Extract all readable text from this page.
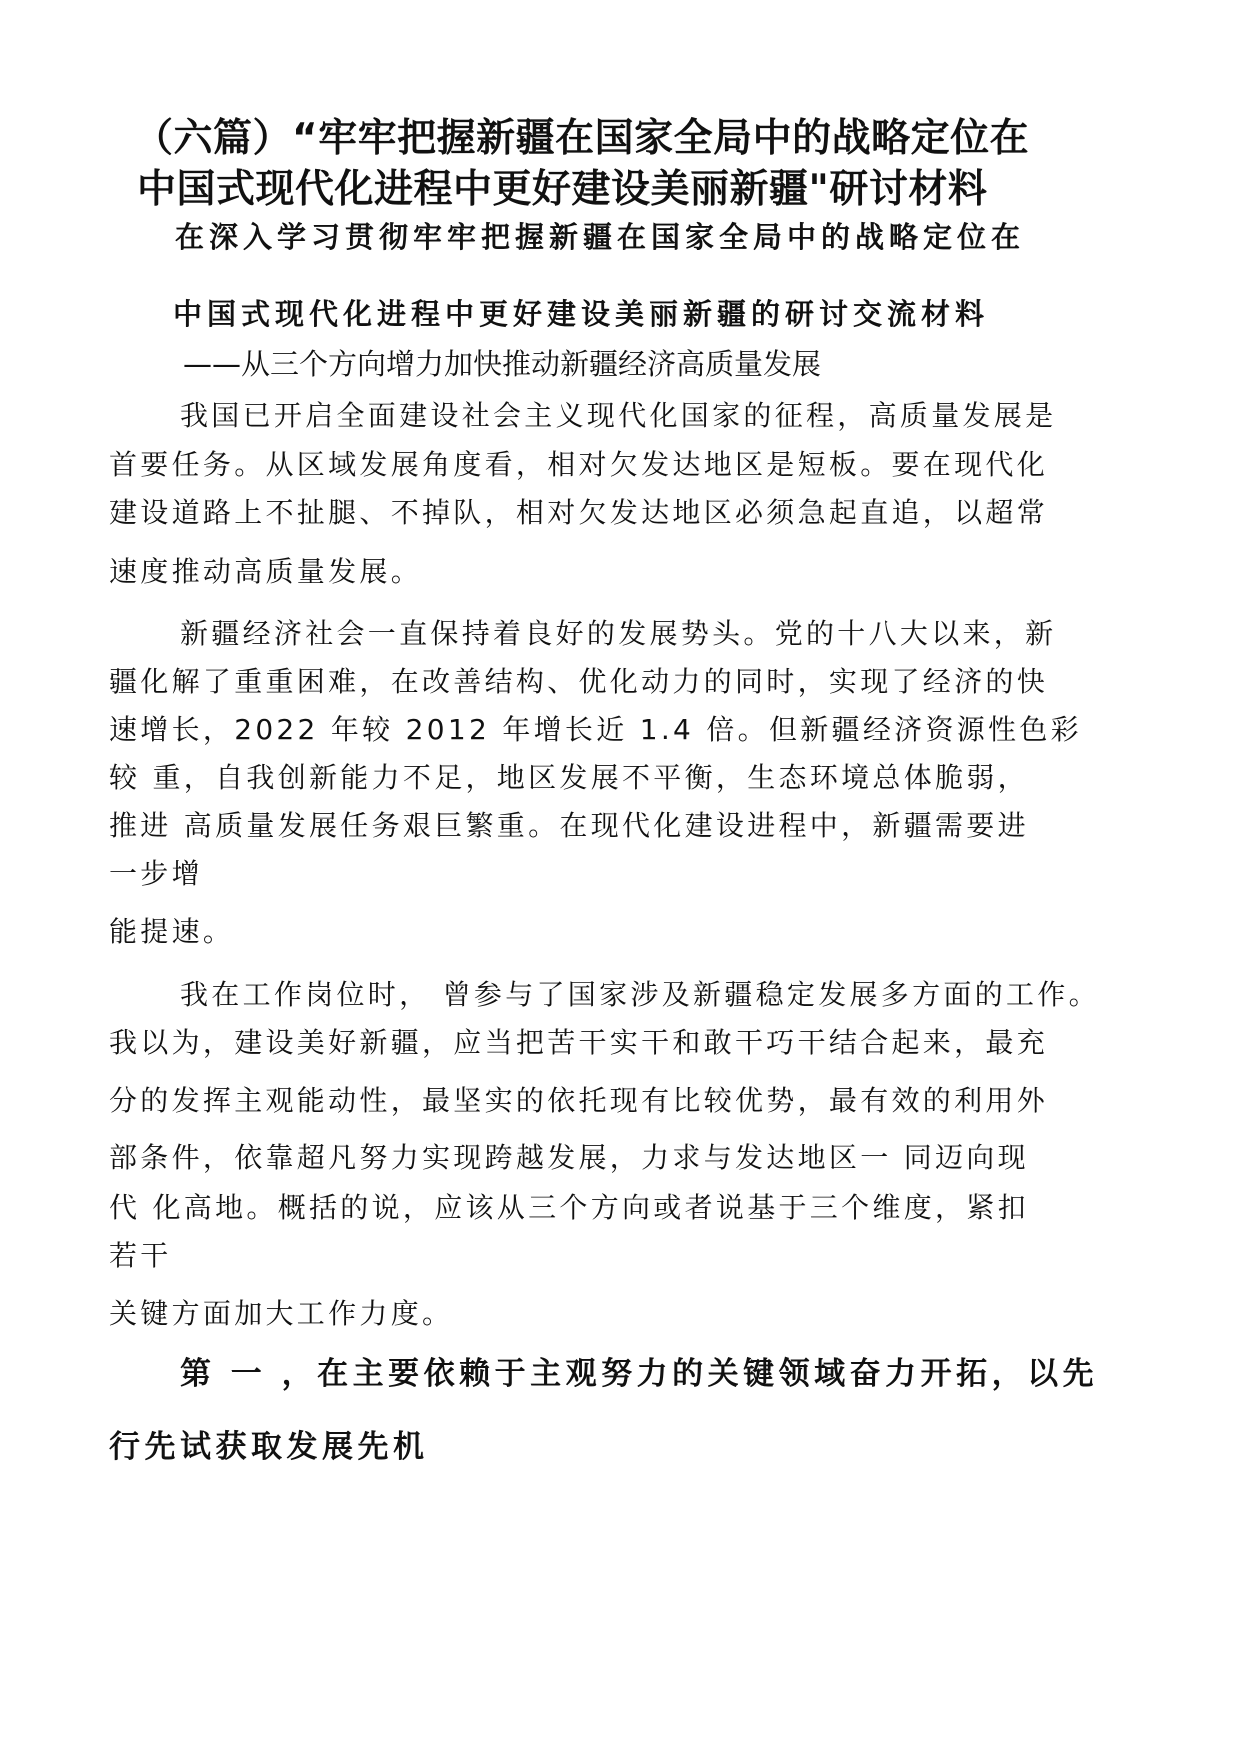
（六篇）“牢牢把握新疆在国家全局中的战略定位在
中国式现代化进程中更好建设美丽新疆"研讨材料
在深入学习贯彻牢牢把握新疆在国家全局中的战略定位在
中国式现代化进程中更好建设美丽新疆的研讨交流材料
——从三个方向增力加快推动新疆经济高质量发展
我国已开启全面建设社会主义现代化国家的征程，高质量发展是
首要任务。从区域发展角度看，相对欠发达地区是短板。要在现代化
建设道路上不扯腿、不掉队，相对欠发达地区必须急起直追，以超常
速度推动高质量发展。
新疆经济社会一直保持着良好的发展势头。党的十八大以来，新
疆化解了重重困难，在改善结构、优化动力的同时，实现了经济的快
速增长，2022 年较 2012 年增长近 1.4 倍。但新疆经济资源性色彩
较 重，自我创新能力不足，地区发展不平衡，生态环境总体脆弱，
推进 高质量发展任务艰巨繁重。在现代化建设进程中，新疆需要进
一步增
能提速。
我在工作岗位时， 曾参与了国家涉及新疆稳定发展多方面的工作。
我以为，建设美好新疆，应当把苦干实干和敢干巧干结合起来，最充
分的发挥主观能动性，最坚实的依托现有比较优势，最有效的利用外
部条件，依靠超凡努力实现跨越发展，力求与发达地区一 同迈向现
代 化高地。概括的说，应该从三个方向或者说基于三个维度，紧扣
若干
关键方面加大工作力度。
第 一 ，在主要依赖于主观努力的关键领域奋力开拓，以先
行先试获取发展先机
